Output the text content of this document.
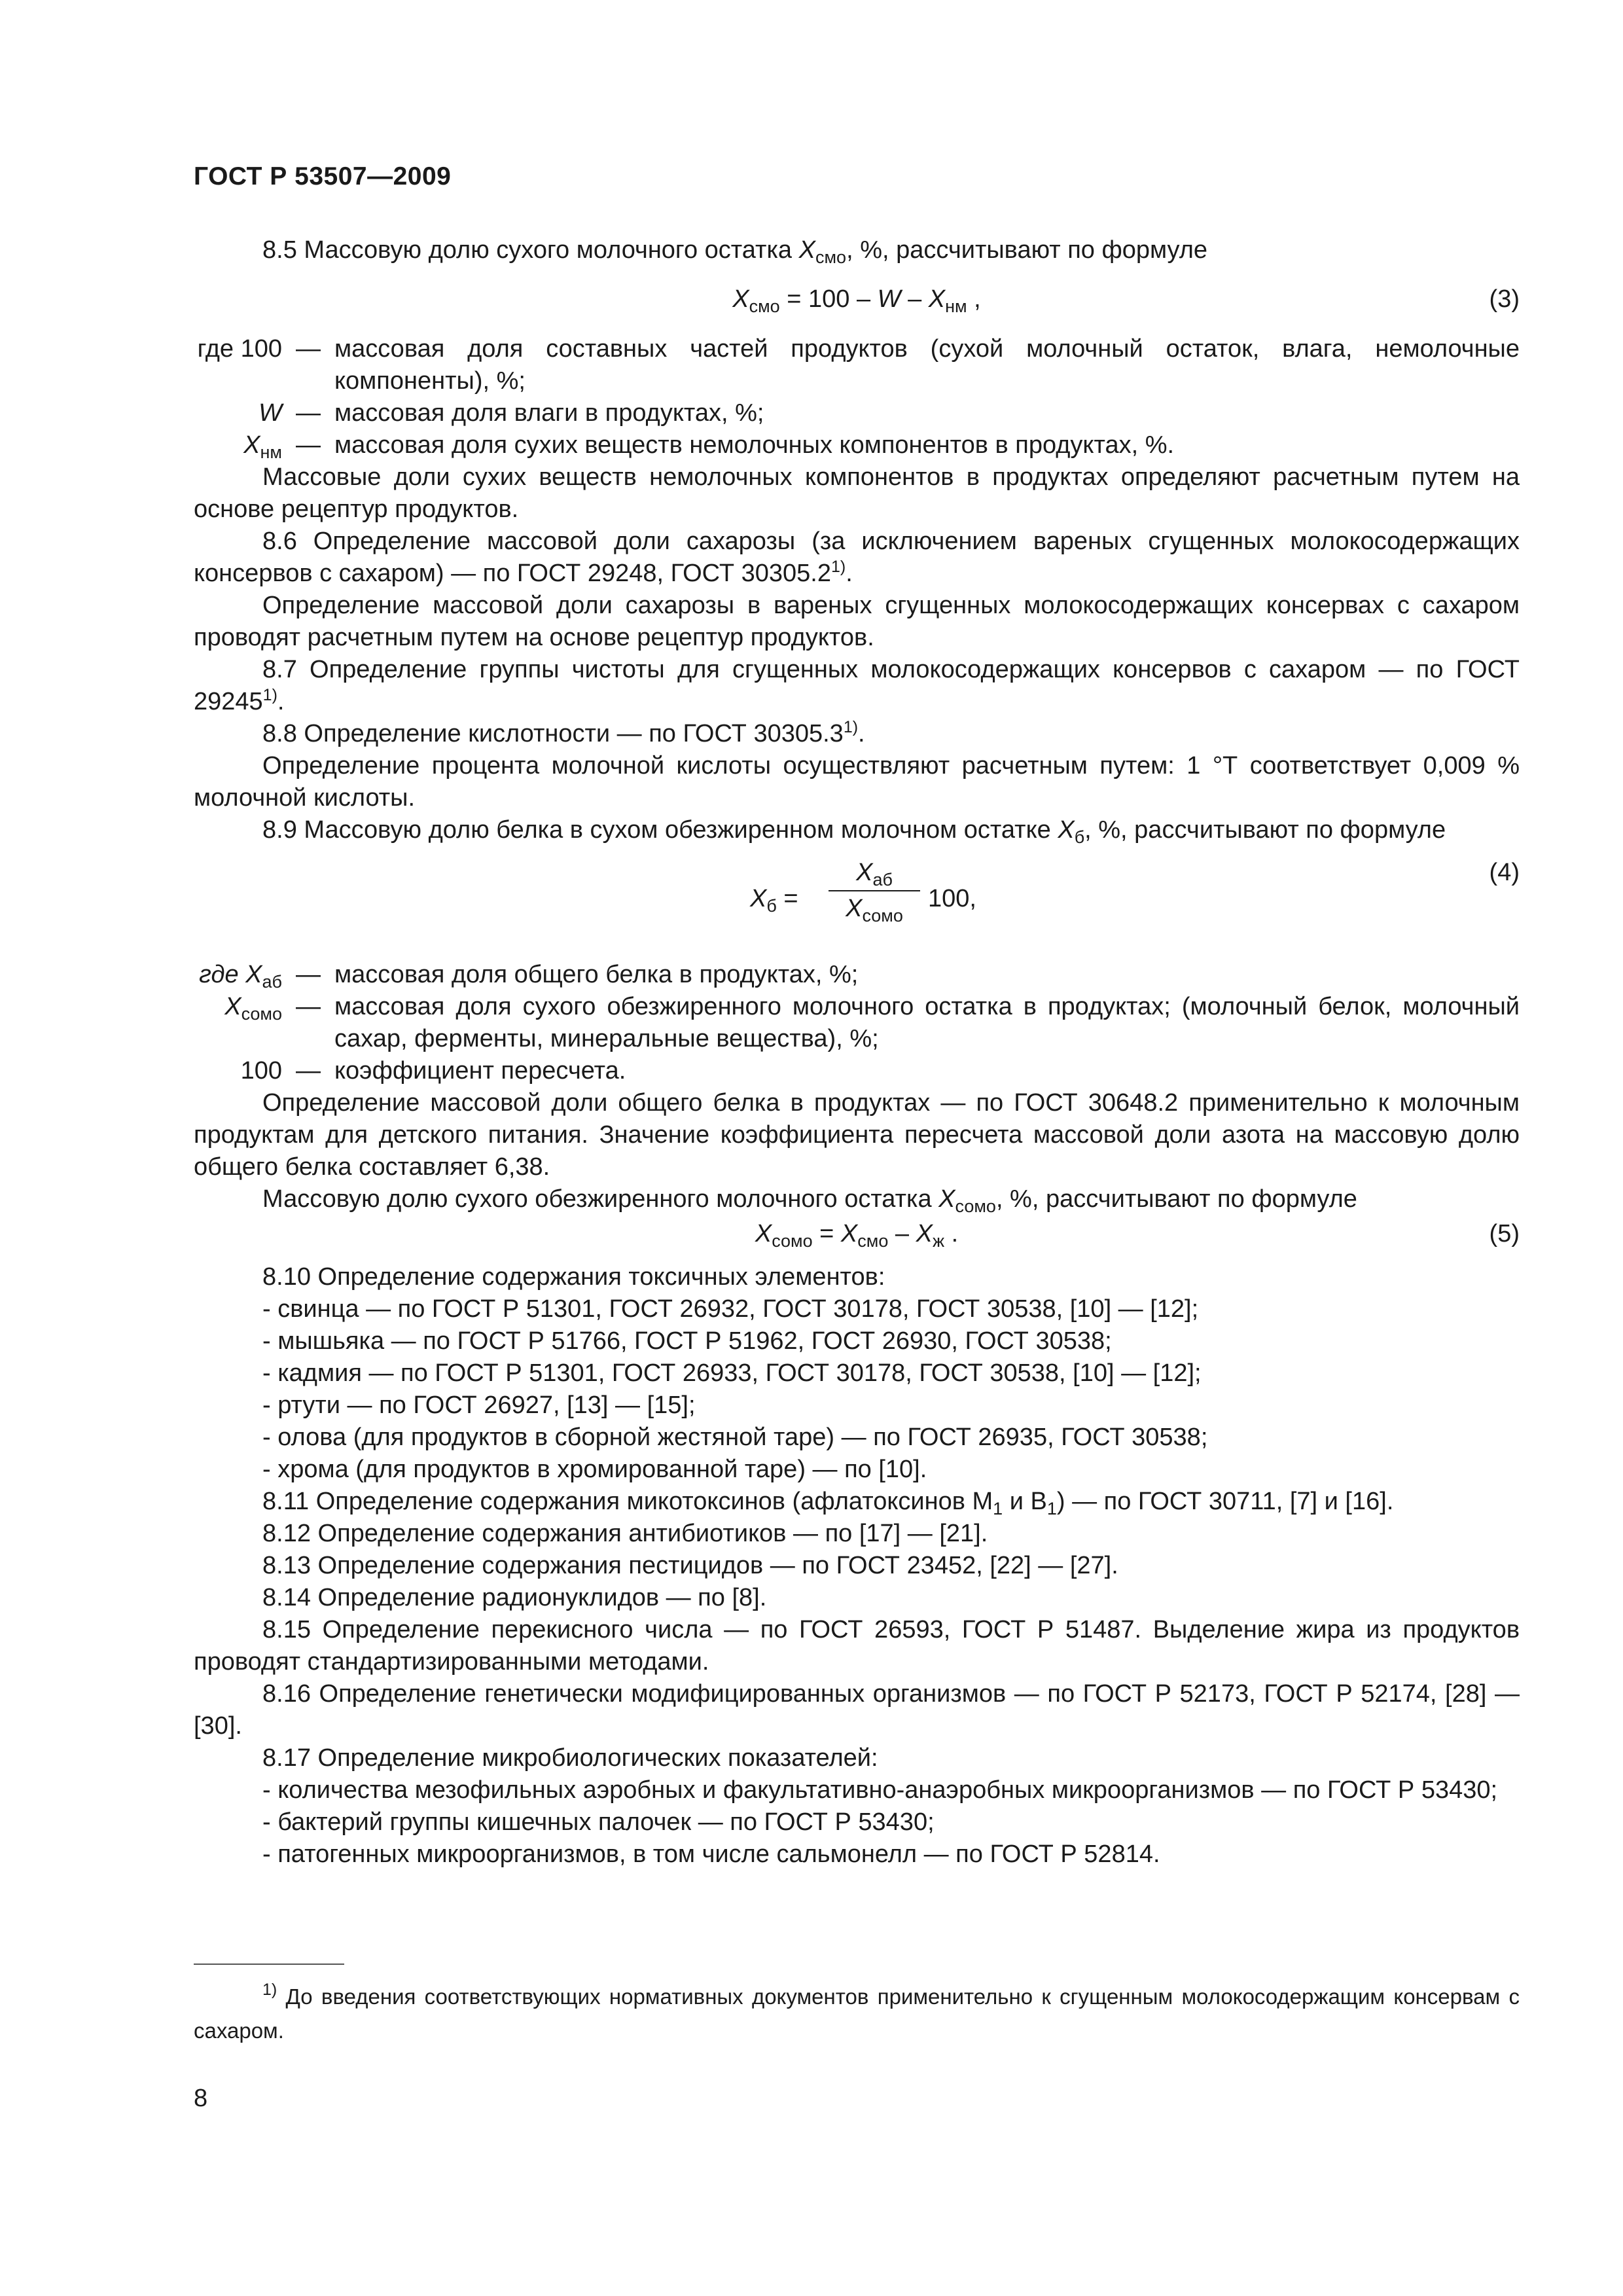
ГОСТ Р 53507—2009

8.5 Массовую долю сухого молочного остатка $X_{смо}$, %, рассчитывают по формуле

$X_{смо} = 100 - W - X_{нм}$ ,	(3)
где 100 — массовая доля составных частей продуктов (сухой молочный остаток, влага, немолочные компоненты), %;
W — массовая доля влаги в продуктах, %;
$X_{нм}$ — массовая доля сухих веществ немолочных компонентов в продуктах, %.

Массовые доли сухих веществ немолочных компонентов в продуктах определяют расчетным путем на основе рецептур продуктов.

8.6 Определение массовой доли сахарозы (за исключением вареных сгущенных молокосодержащих консервов с сахаром) — по ГОСТ 29248, ГОСТ 30305.2$^{1)}$.

Определение массовой доли сахарозы в вареных сгущенных молокосодержащих консервах с сахаром проводят расчетным путем на основе рецептур продуктов.

8.7 Определение группы чистоты для сгущенных молокосодержащих консервов с сахаром — по ГОСТ 29245$^{1)}$.

8.8 Определение кислотности — по ГОСТ 30305.3$^{1)}$.

Определение процента молочной кислоты осуществляют расчетным путем: 1 °Т соответствует 0,009 % молочной кислоты.

8.9 Массовую долю белка в сухом обезжиренном молочном остатке $X_б$, %, рассчитывают по формуле

$X_б$ =
$X_{аб}$
$X_{сомо}$
100,
(4)
где $X_{аб}$ — массовая доля общего белка в продуктах, %;
$X_{сомо}$ — массовая доля сухого обезжиренного молочного остатка в продуктах; (молочный белок, молочный сахар, ферменты, минеральные вещества), %;
100 — коэффициент пересчета.

Определение массовой доли общего белка в продуктах — по ГОСТ 30648.2 применительно к молочным продуктам для детского питания. Значение коэффициента пересчета массовой доли азота на массовую долю общего белка составляет 6,38.

Массовую долю сухого обезжиренного молочного остатка $X_{сомо}$, %, рассчитывают по формуле

$X_{сомо} = X_{смо} - X_ж$ .	(5)

8.10 Определение содержания токсичных элементов:

- свинца — по ГОСТ Р 51301, ГОСТ 26932, ГОСТ 30178, ГОСТ 30538, [10] — [12];
- мышьяка — по ГОСТ Р 51766, ГОСТ Р 51962, ГОСТ 26930, ГОСТ 30538;
- кадмия — по ГОСТ Р 51301, ГОСТ 26933, ГОСТ 30178, ГОСТ 30538, [10] — [12];
- ртути — по ГОСТ 26927, [13] — [15];
- олова (для продуктов в сборной жестяной таре) — по ГОСТ 26935, ГОСТ 30538;
- хрома (для продуктов в хромированной таре) — по [10].

8.11 Определение содержания микотоксинов (афлатоксинов $M_1$ и $B_1$) — по ГОСТ 30711, [7] и [16].

8.12 Определение содержания антибиотиков — по [17] — [21].

8.13 Определение содержания пестицидов — по ГОСТ 23452, [22] — [27].

8.14 Определение радионуклидов — по [8].

8.15 Определение перекисного числа — по ГОСТ 26593, ГОСТ Р 51487. Выделение жира из продуктов проводят стандартизированными методами.

8.16 Определение генетически модифицированных организмов — по ГОСТ Р 52173, ГОСТ Р 52174, [28] — [30].

8.17 Определение микробиологических показателей:

- количества мезофильных аэробных и факультативно-анаэробных микроорганизмов — по ГОСТ Р 53430;
- бактерий группы кишечных палочек — по ГОСТ Р 53430;
- патогенных микроорганизмов, в том числе сальмонелл — по ГОСТ Р 52814.

$^{1)}$ До введения соответствующих нормативных документов применительно к сгущенным молокосодержащим консервам с сахаром.

8
